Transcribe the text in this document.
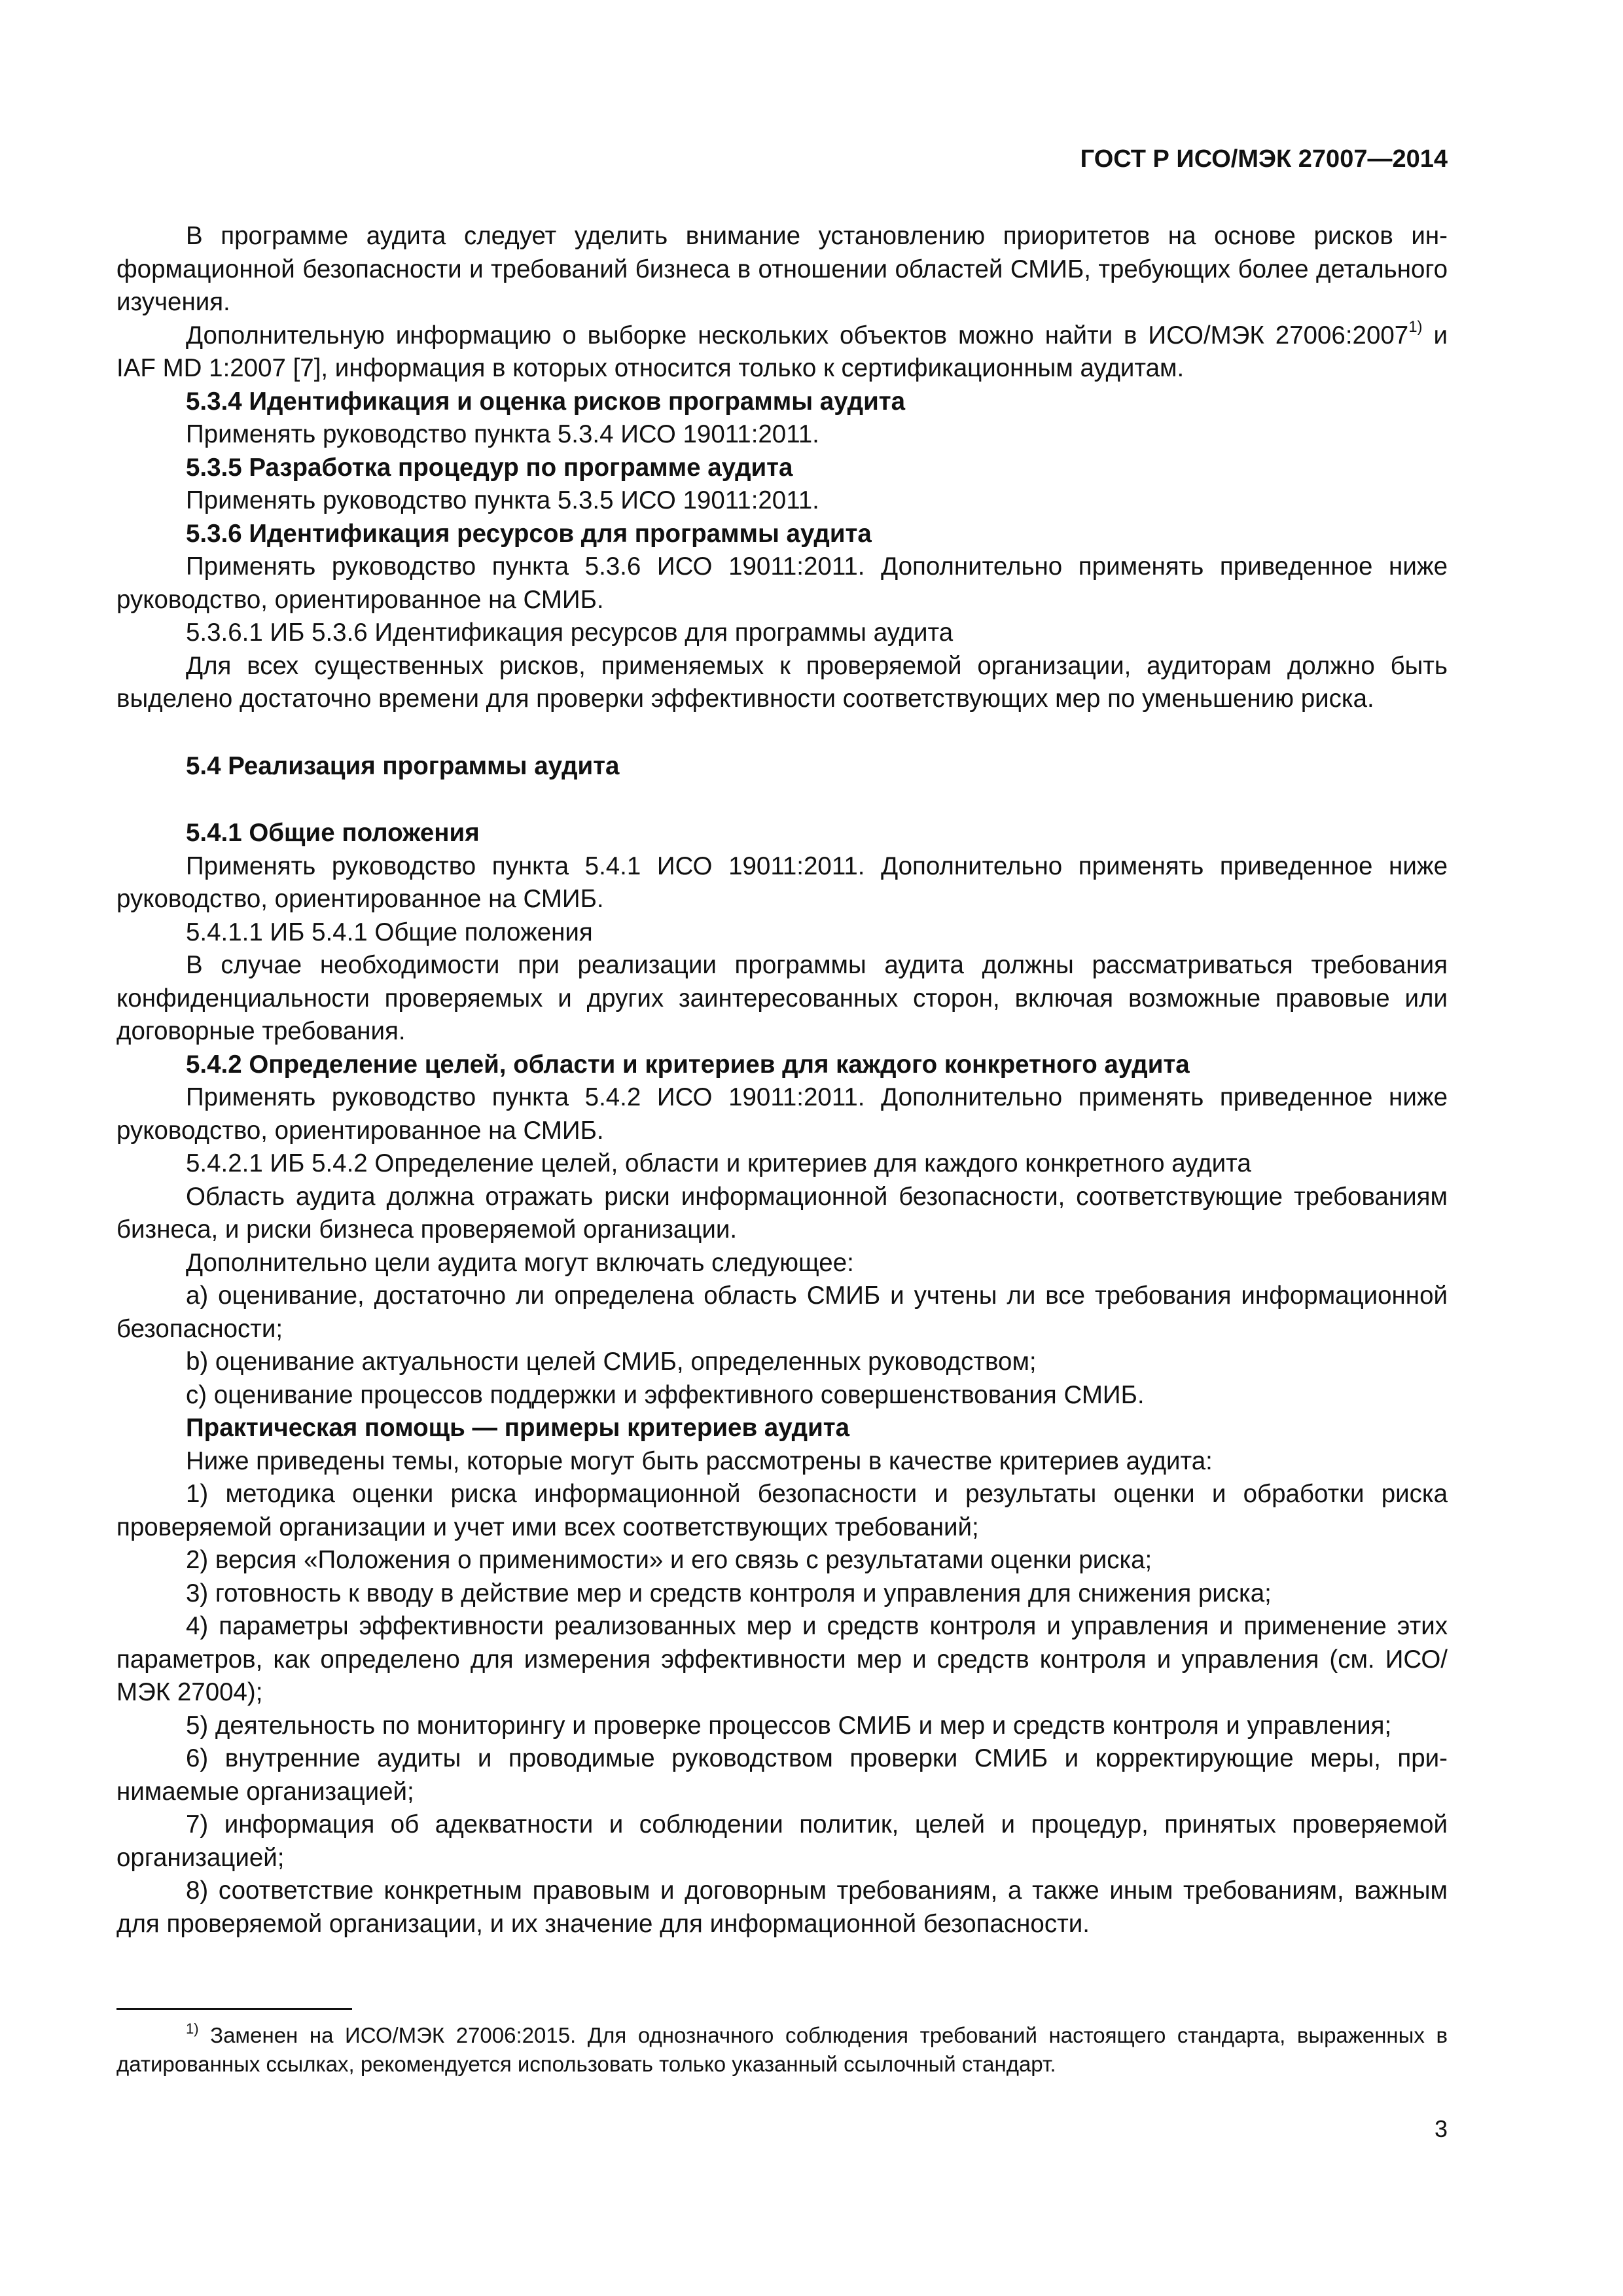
ГОСТ Р ИСО/МЭК 27007—2014

В программе аудита следует уделить внимание установлению приоритетов на основе рисков информационной безопасности и требований бизнеса в отношении областей СМИБ, требующих более детального изучения.

Дополнительную информацию о выборке нескольких объектов можно найти в ИСО/МЭК 27006:2007$^{1)}$ и IAF MD 1:2007 [7], информация в которых относится только к сертификационным аудитам.

5.3.4 Идентификация и оценка рисков программы аудита

Применять руководство пункта 5.3.4 ИСО 19011:2011.

5.3.5 Разработка процедур по программе аудита

Применять руководство пункта 5.3.5 ИСО 19011:2011.

5.3.6 Идентификация ресурсов для программы аудита

Применять руководство пункта 5.3.6 ИСО 19011:2011. Дополнительно применять приведенное ниже руководство, ориентированное на СМИБ.

5.3.6.1 ИБ 5.3.6 Идентификация ресурсов для программы аудита

Для всех существенных рисков, применяемых к проверяемой организации, аудиторам должно быть выделено достаточно времени для проверки эффективности соответствующих мер по уменьшению риска.

5.4 Реализация программы аудита

5.4.1 Общие положения

Применять руководство пункта 5.4.1 ИСО 19011:2011. Дополнительно применять приведенное ниже руководство, ориентированное на СМИБ.

5.4.1.1 ИБ 5.4.1 Общие положения

В случае необходимости при реализации программы аудита должны рассматриваться требования конфиденциальности проверяемых и других заинтересованных сторон, включая возможные правовые или договорные требования.

5.4.2 Определение целей, области и критериев для каждого конкретного аудита

Применять руководство пункта 5.4.2 ИСО 19011:2011. Дополнительно применять приведенное ниже руководство, ориентированное на СМИБ.

5.4.2.1 ИБ 5.4.2 Определение целей, области и критериев для каждого конкретного аудита

Область аудита должна отражать риски информационной безопасности, соответствующие требованиям бизнеса, и риски бизнеса проверяемой организации.

Дополнительно цели аудита могут включать следующее:

а) оценивание, достаточно ли определена область СМИБ и учтены ли все требования информационной безопасности;

b) оценивание актуальности целей СМИБ, определенных руководством;

с) оценивание процессов поддержки и эффективного совершенствования СМИБ.

Практическая помощь — примеры критериев аудита

Ниже приведены темы, которые могут быть рассмотрены в качестве критериев аудита:

1) методика оценки риска информационной безопасности и результаты оценки и обработки риска проверяемой организации и учет ими всех соответствующих требований;

2) версия «Положения о применимости» и его связь с результатами оценки риска;

3) готовность к вводу в действие мер и средств контроля и управления для снижения риска;

4) параметры эффективности реализованных мер и средств контроля и управления и применение этих параметров, как определено для измерения эффективности мер и средств контроля и управления (см. ИСО/МЭК 27004);

5) деятельность по мониторингу и проверке процессов СМИБ и мер и средств контроля и управления;

6) внутренние аудиты и проводимые руководством проверки СМИБ и корректирующие меры, принимаемые организацией;

7) информация об адекватности и соблюдении политик, целей и процедур, принятых проверяемой организацией;

8) соответствие конкретным правовым и договорным требованиям, а также иным требованиям, важным для проверяемой организации, и их значение для информационной безопасности.

$^{1)}$ Заменен на ИСО/МЭК 27006:2015. Для однозначного соблюдения требований настоящего стандарта, выраженных в датированных ссылках, рекомендуется использовать только указанный ссылочный стандарт.

3
